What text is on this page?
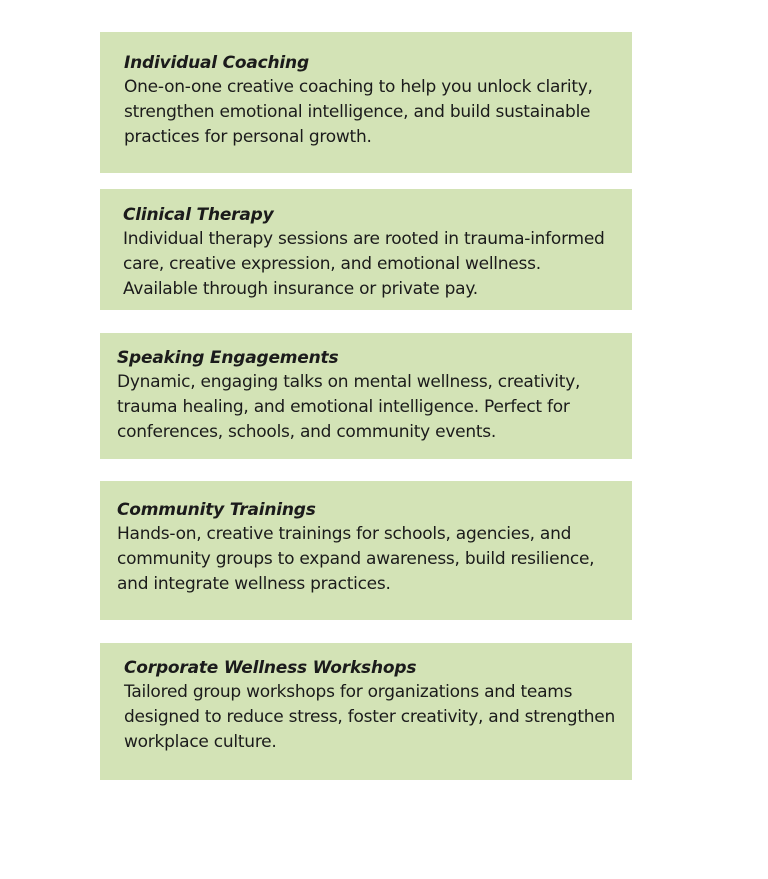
Individual Coaching

One-on-one creative coaching to help you unlock clarity, strengthen emotional intelligence, and build sustainable practices for personal growth.

Clinical Therapy

Individual therapy sessions are rooted in trauma-informed care, creative expression, and emotional wellness. Available through insurance or private pay.

Speaking Engagements

Dynamic, engaging talks on mental wellness, creativity, trauma healing, and emotional intelligence. Perfect for conferences, schools, and community events.

Community Trainings

Hands-on, creative trainings for schools, agencies, and community groups to expand awareness, build resilience, and integrate wellness practices.

Corporate Wellness Workshops

Tailored group workshops for organizations and teams designed to reduce stress, foster creativity, and strengthen workplace culture.
